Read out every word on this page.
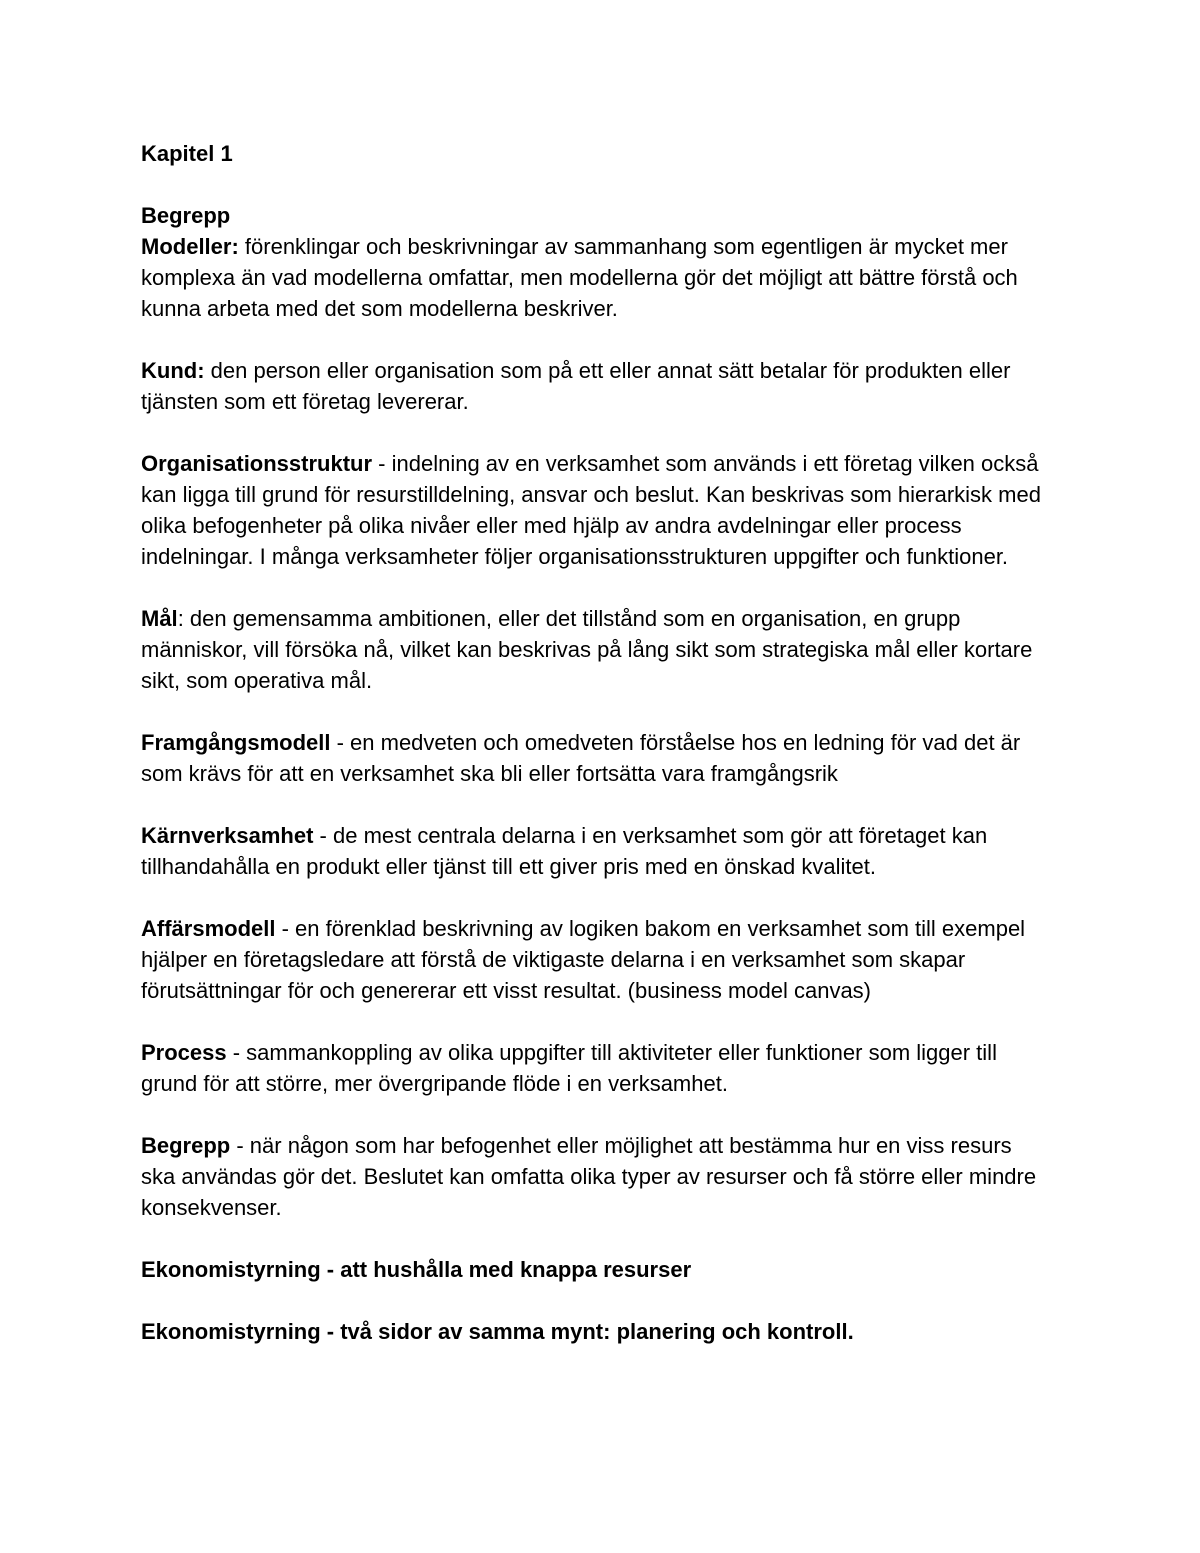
Kapitel 1

Begrepp

Modeller: förenklingar och beskrivningar av sammanhang som egentligen är mycket mer komplexa än vad modellerna omfattar, men modellerna gör det möjligt att bättre förstå och kunna arbeta med det som modellerna beskriver.

Kund: den person eller organisation som på ett eller annat sätt betalar för produkten eller tjänsten som ett företag levererar.

Organisationsstruktur - indelning av en verksamhet som används i ett företag vilken också kan ligga till grund för resurstilldelning, ansvar och beslut. Kan beskrivas som hierarkisk med olika befogenheter på olika nivåer eller med hjälp av andra avdelningar eller process indelningar. I många verksamheter följer organisationsstrukturen uppgifter och funktioner.

Mål: den gemensamma ambitionen, eller det tillstånd som en organisation, en grupp människor, vill försöka nå, vilket kan beskrivas på lång sikt som strategiska mål eller kortare sikt, som operativa mål.

Framgångsmodell - en medveten och omedveten förståelse hos en ledning för vad det är som krävs för att en verksamhet ska bli eller fortsätta vara framgångsrik

Kärnverksamhet - de mest centrala delarna i en verksamhet som gör att företaget kan tillhandahålla en produkt eller tjänst till ett giver pris med en önskad kvalitet.

Affärsmodell - en förenklad beskrivning av logiken bakom en verksamhet som till exempel hjälper en företagsledare att förstå de viktigaste delarna i en verksamhet som skapar förutsättningar för och genererar ett visst resultat. (business model canvas)

Process - sammankoppling av olika uppgifter till aktiviteter eller funktioner som ligger till grund för att större, mer övergripande flöde i en verksamhet.

Begrepp - när någon som har befogenhet eller möjlighet att bestämma hur en viss resurs ska användas gör det. Beslutet kan omfatta olika typer av resurser och få större eller mindre konsekvenser.

Ekonomistyrning - att hushålla med knappa resurser

Ekonomistyrning - två sidor av samma mynt: planering och kontroll.
